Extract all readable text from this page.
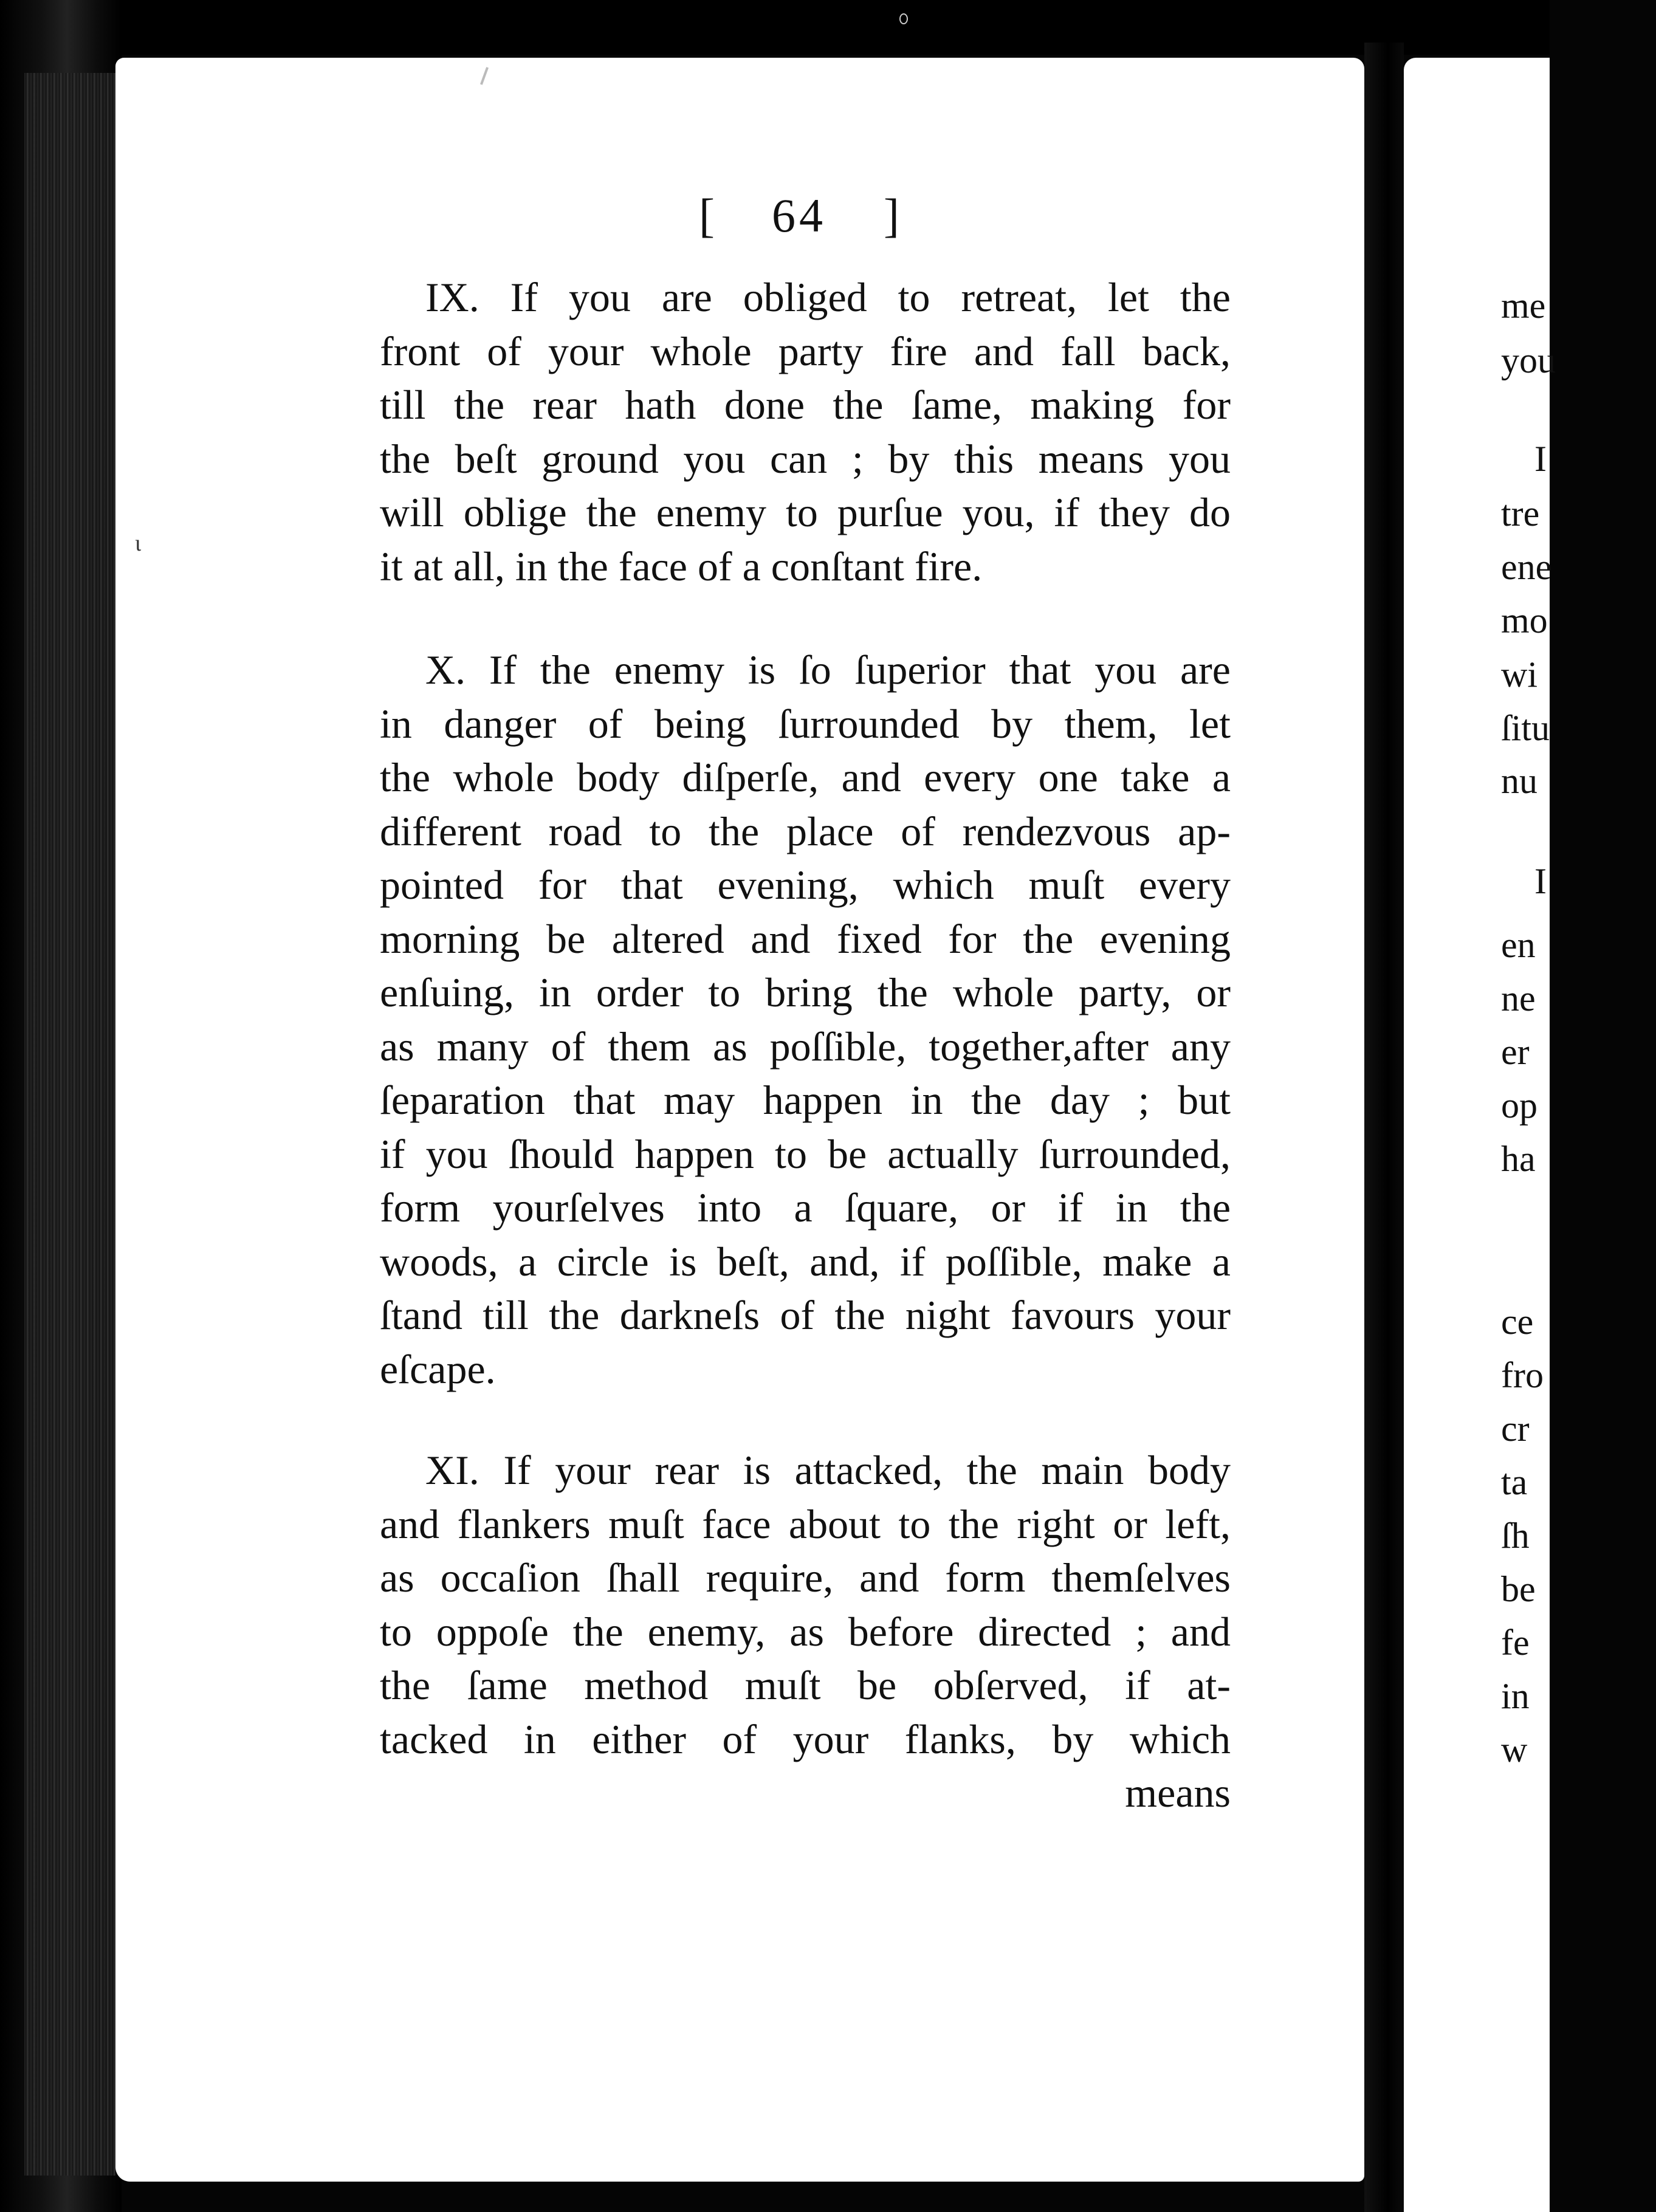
ɩ
[ 64 ]
IX. If you are obliged to retreat, let the
front of your whole party fire and fall back,
till the rear hath done the ſame, making for
the beſt ground you can ; by this means you
will oblige the enemy to purſue you, if they do
it at all, in the face of a conſtant fire.
X. If the enemy is ſo ſuperior that you are
in danger of being ſurrounded by them, let
the whole body diſperſe, and every one take a
different road to the place of rendezvous ap-
pointed for that evening, which muſt every
morning be altered and fixed for the evening
enſuing, in order to bring the whole party, or
as many of them as poſſible, together,after any
ſeparation that may happen in the day ; but
if you ſhould happen to be actually ſurrounded,
form yourſelves into a ſquare, or if in the
woods, a circle is beſt, and, if poſſible, make a
ſtand till the darkneſs of the night favours your
eſcape.
XI. If your rear is attacked, the main body
and flankers muſt face about to the right or left,
as occaſion ſhall require, and form themſelves
to oppoſe the enemy, as before directed ; and
the ſame method muſt be obſerved, if at-
tacked in either of your flanks, by which
means
me
you
I
tre
ene
mo
wi
ſitu
nu
I
en
ne
er
op
ha
ce
fro
cr
ta
ſh
be
fe
in
w
